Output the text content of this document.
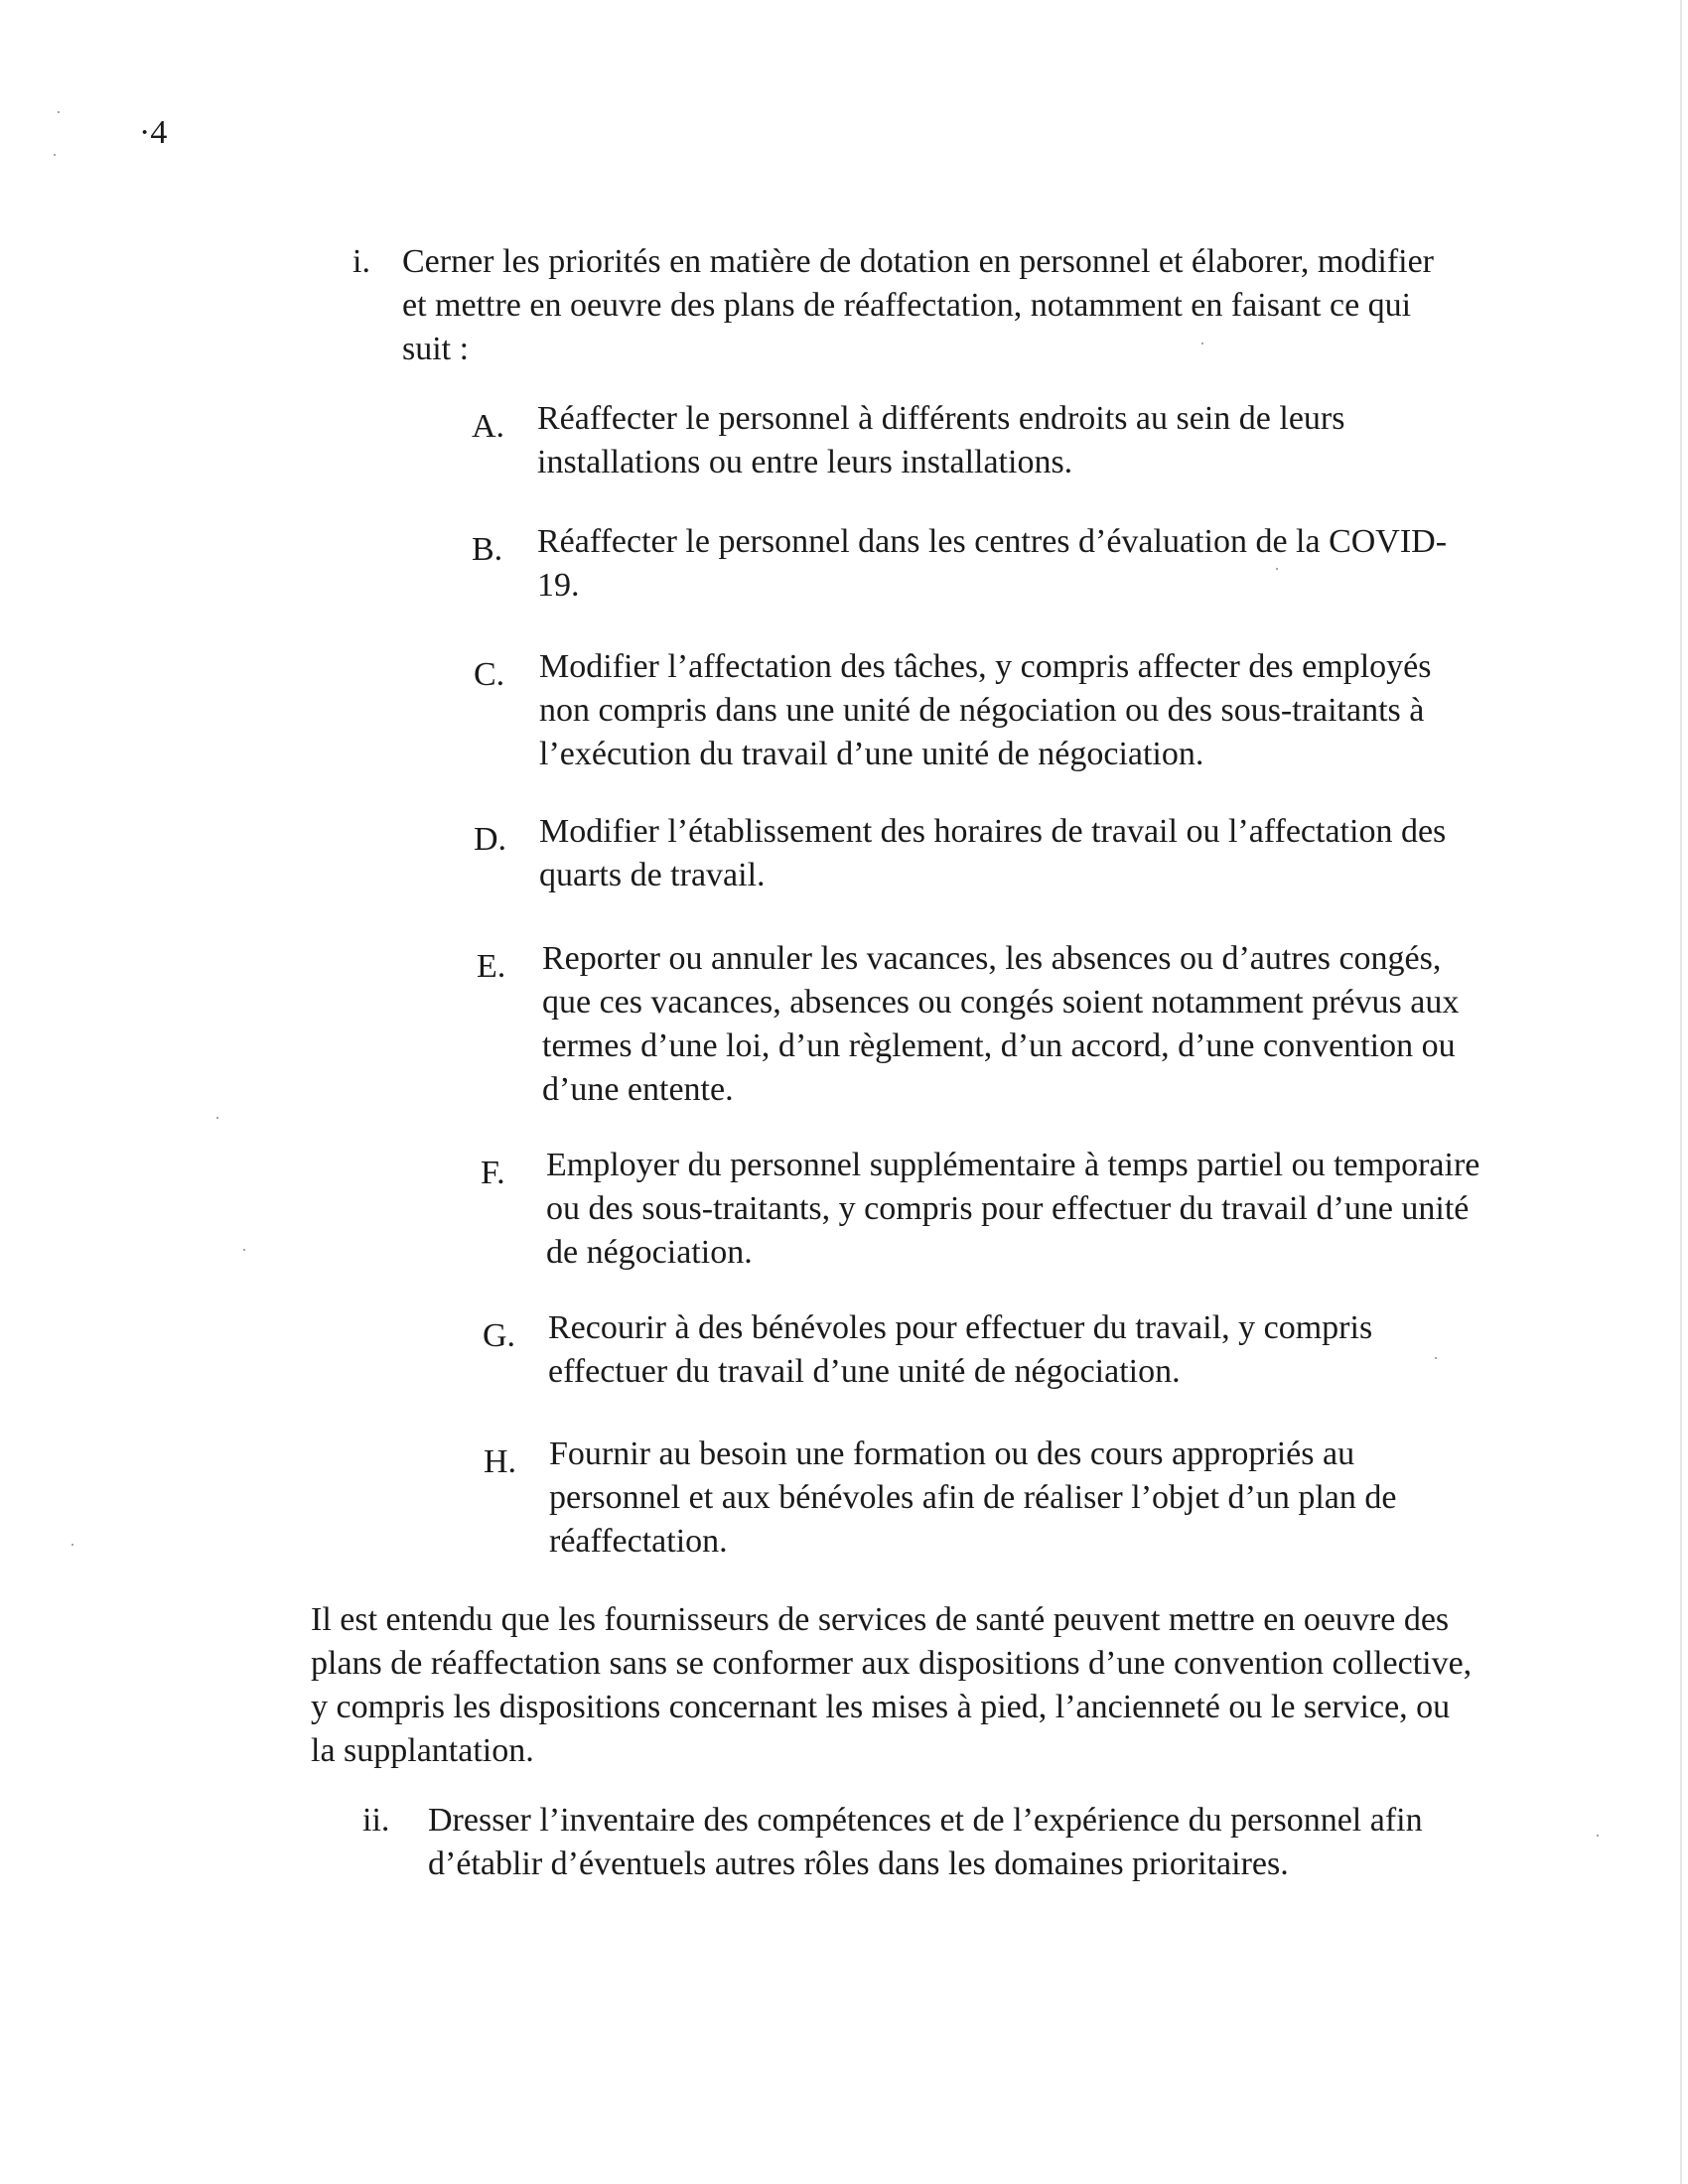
·4
i. Cerner les priorités en matière de dotation en personnel et élaborer, modifier
et mettre en oeuvre des plans de réaffectation, notamment en faisant ce qui
suit :
A. Réaffecter le personnel à différents endroits au sein de leurs
installations ou entre leurs installations.
B.	Réaffecter le personnel dans les centres d’évaluation de la COVID-
19.
C.	Modifier l’affectation des tâches, y compris affecter des employés
non compris dans une unité de négociation ou des sous-traitants à
l’exécution du travail d’une unité de négociation.
D. Modifier l’établissement des horaires de travail ou l’affectation des
quarts de travail.
E.	Reporter ou annuler les vacances, les absences ou d’autres congés,
que ces vacances, absences ou congés soient notamment prévus aux
termes d’une loi, d’un règlement, d’un accord, d’une convention ou
d’une entente.
F.	Employer du personnel supplémentaire à temps partiel ou temporaire
ou des sous-traitants, y compris pour effectuer du travail d’une unité
de négociation.
G. Recourir à des bénévoles pour effectuer du travail, y compris
effectuer du travail d’une unité de négociation.
H. Fournir au besoin une formation ou des cours appropriés au
personnel et aux bénévoles afin de réaliser l’objet d’un plan de
réaffectation.
Il est entendu que les fournisseurs de services de santé peuvent mettre en oeuvre des
plans de réaffectation sans se conformer aux dispositions d’une convention collective,
y compris les dispositions concernant les mises à pied, l’ancienneté ou le service, ou
la supplantation.
ii. Dresser l’inventaire des compétences et de l’expérience du personnel afin
d’établir d’éventuels autres rôles dans les domaines prioritaires.
